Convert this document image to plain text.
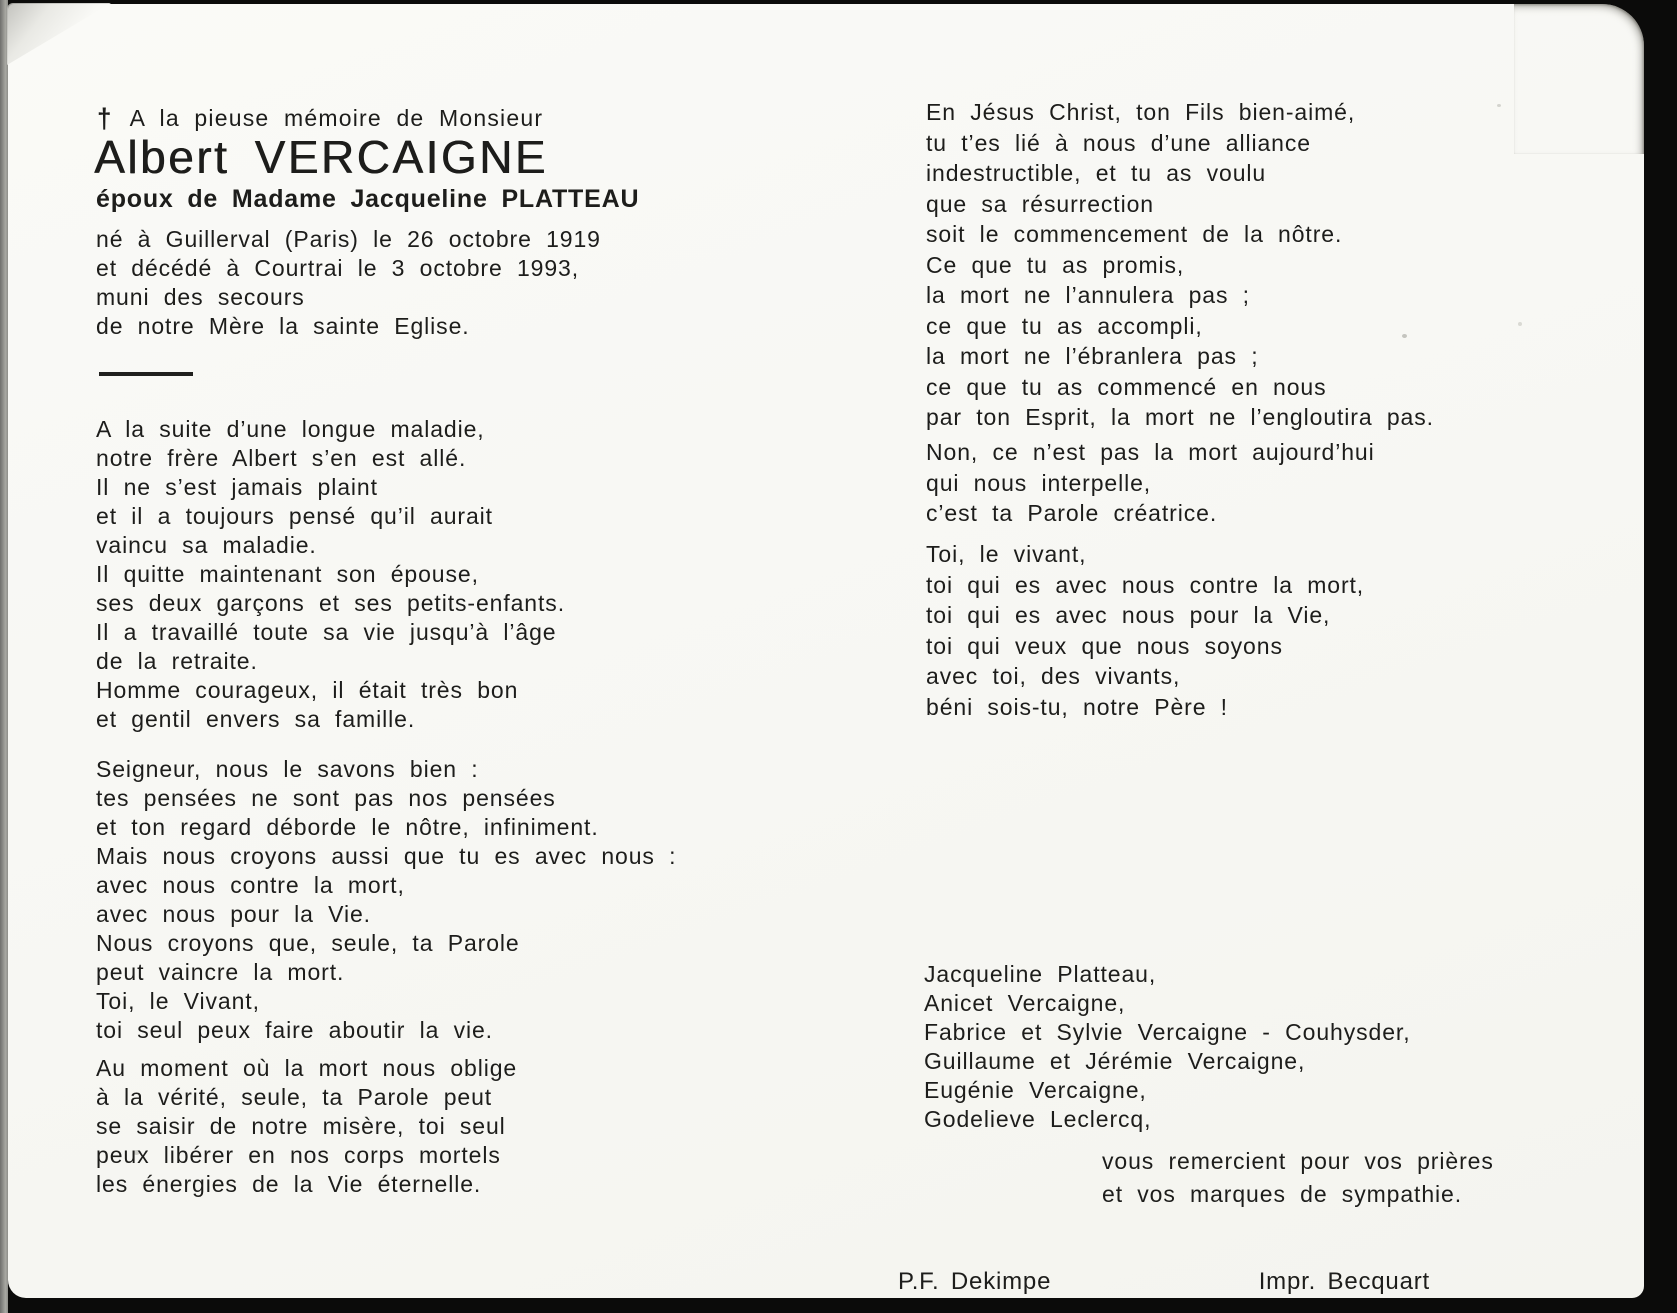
† A la pieuse mémoire de Monsieur
Albert VERCAIGNE
époux de Madame Jacqueline PLATTEAU
né à Guillerval (Paris) le 26 octobre 1919
et décédé à Courtrai le 3 octobre 1993,
muni des secours
de notre Mère la sainte Eglise.
A la suite d’une longue maladie,
notre frère Albert s’en est allé.
Il ne s’est jamais plaint
et il a toujours pensé qu’il aurait
vaincu sa maladie.
Il quitte maintenant son épouse,
ses deux garçons et ses petits-enfants.
Il a travaillé toute sa vie jusqu’à l’âge
de la retraite.
Homme courageux, il était très bon
et gentil envers sa famille.
Seigneur, nous le savons bien :
tes pensées ne sont pas nos pensées
et ton regard déborde le nôtre, infiniment.
Mais nous croyons aussi que tu es avec nous :
avec nous contre la mort,
avec nous pour la Vie.
Nous croyons que, seule, ta Parole
peut vaincre la mort.
Toi, le Vivant,
toi seul peux faire aboutir la vie.
Au moment où la mort nous oblige
à la vérité, seule, ta Parole peut
se saisir de notre misère, toi seul
peux libérer en nos corps mortels
les énergies de la Vie éternelle.
En Jésus Christ, ton Fils bien-aimé,
tu t’es lié à nous d’une alliance
indestructible, et tu as voulu
que sa résurrection
soit le commencement de la nôtre.
Ce que tu as promis,
la mort ne l’annulera pas ;
ce que tu as accompli,
la mort ne l’ébranlera pas ;
ce que tu as commencé en nous
par ton Esprit, la mort ne l’engloutira pas.
Non, ce n’est pas la mort aujourd’hui
qui nous interpelle,
c’est ta Parole créatrice.
Toi, le vivant,
toi qui es avec nous contre la mort,
toi qui es avec nous pour la Vie,
toi qui veux que nous soyons
avec toi, des vivants,
béni sois-tu, notre Père !
Jacqueline Platteau,
Anicet Vercaigne,
Fabrice et Sylvie Vercaigne - Couhysder,
Guillaume et Jérémie Vercaigne,
Eugénie Vercaigne,
Godelieve Leclercq,
vous remercient pour vos prières
et vos marques de sympathie.
P.F. Dekimpe	Impr. Becquart
